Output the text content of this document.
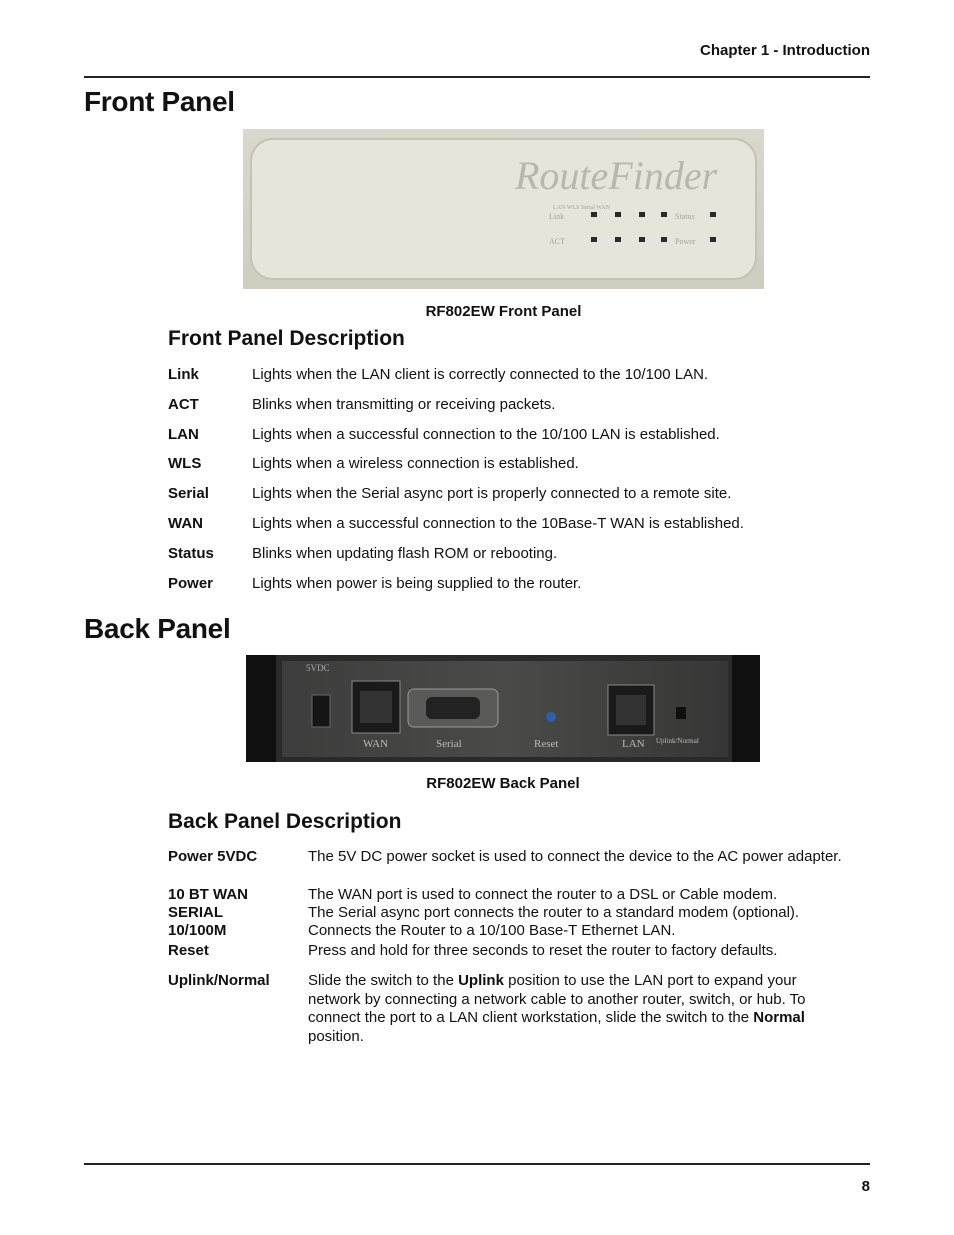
Chapter 1 - Introduction
Front Panel
RouteFinder
LAN WLS Serial WAN
Link
ACT
Status
Power
RF802EW Front Panel
Front Panel Description
Link	Lights when the LAN client is correctly connected to the 10/100 LAN.
ACT	Blinks when transmitting or receiving packets.
LAN	Lights when a successful connection to the 10/100 LAN is established.
WLS	Lights when a wireless connection is established.
Serial	Lights when the Serial async port is properly connected to a remote site.
WAN	Lights when a successful connection to the 10Base-T WAN is established.
Status	Blinks when updating flash ROM or rebooting.
Power	Lights when power is being supplied to the router.
Back Panel
5VDC
WAN	Serial	Reset	LAN Uplink/Normal
RF802EW Back Panel
Back Panel Description
Power 5VDC	The 5V DC power socket is used to connect the device to the AC power adapter.
10 BT WAN	The WAN port is used to connect the router to a DSL or Cable modem.
SERIAL	The Serial async port connects the router to a standard modem (optional).
10/100M	Connects the Router to a 10/100 Base-T Ethernet LAN.
Reset	Press and hold for three seconds to reset the router to factory defaults.
Uplink/Normal	Slide the switch to the Uplink position to use the LAN port to expand your network by connecting a network cable to another router, switch, or hub. To connect the port to a LAN client workstation, slide the switch to the Normal position.
8
